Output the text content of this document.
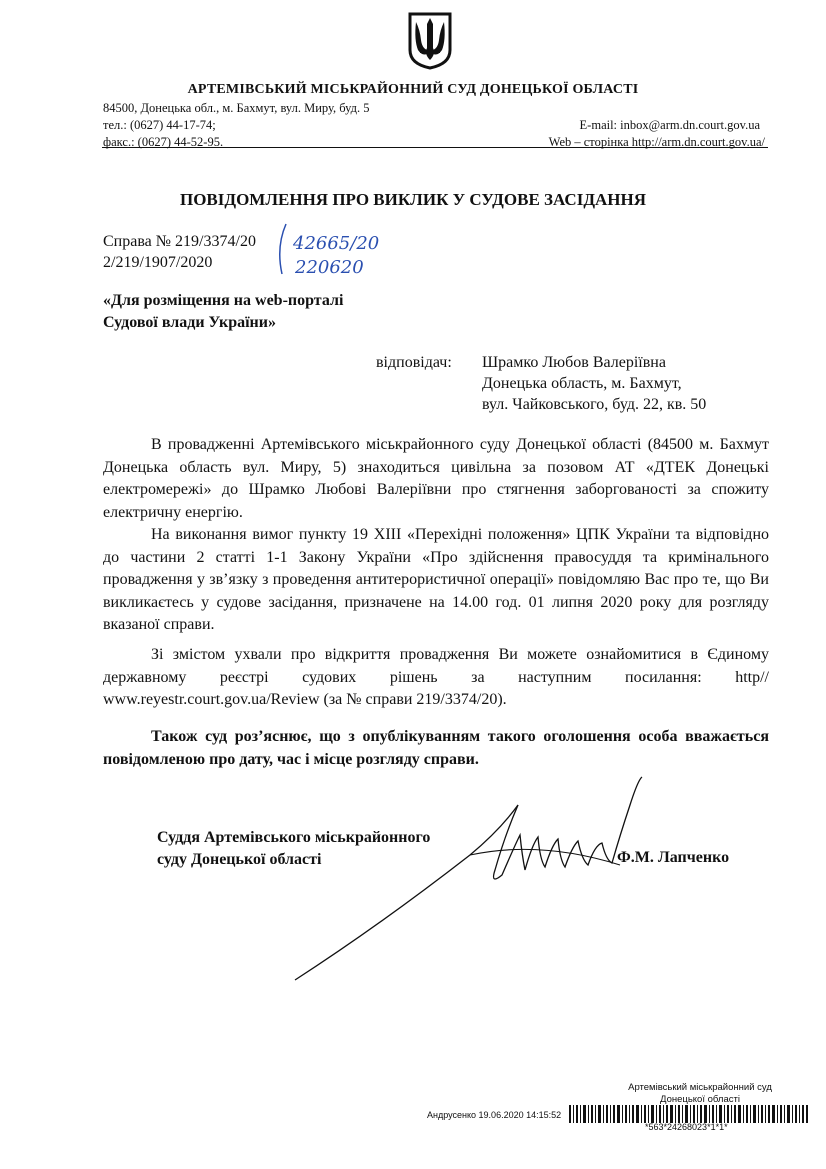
АРТЕМІВСЬКИЙ МІСЬКРАЙОННИЙ СУД ДОНЕЦЬКОЇ ОБЛАСТІ
84500, Донецька обл., м. Бахмут, вул. Миру, буд. 5
тел.: (0627) 44-17-74;
факс.: (0627) 44-52-95.
E-mail: inbox@arm.dn.court.gov.ua
Web – сторінка http://arm.dn.court.gov.ua/
ПОВІДОМЛЕННЯ ПРО ВИКЛИК У СУДОВЕ ЗАСІДАННЯ
Справа № 219/3374/20
2/219/1907/2020
42665/20
220620
«Для розміщення на web-порталі
Судової влади України»
відповідач: Шрамко Любов Валеріївна
Донецька область, м. Бахмут,
вул. Чайковського, буд. 22, кв. 50

В провадженні Артемівського міськрайонного суду Донецької області (84500 м. Бахмут Донецька область вул. Миру, 5) знаходиться цивільна за позовом АТ «ДТЕК Донецькі електромережі» до Шрамко Любові Валеріївни про стягнення заборгованості за спожиту електричну енергію.

На виконання вимог пункту 19 XIII «Перехідні положення» ЦПК України та відповідно до частини 2 статті 1-1 Закону України «Про здійснення правосуддя та кримінального провадження у зв’язку з проведення антитерористичної операції» повідомляю Вас про те, що Ви викликаєтесь у судове засідання, призначене на 14.00 год. 01 липня 2020 року для розгляду вказаної справи.

Зі змістом ухвали про відкриття провадження Ви можете ознайомитися в Єдиному державному реєстрі судових рішень за наступним посилання: http// www.reyestr.court.gov.ua/Review (за № справи 219/3374/20).

Також суд роз’яснює, що з опублікуванням такого оголошення особа вважається повідомленою про дату, час і місце розгляду справи.

Суддя Артемівського міськрайонного
суду Донецької області	Ф.М. Лапченко
Артемівський міськрайонний суд
Донецької області
Андрусенко 19.06.2020 14:15:52
*563*24268023*1*1*
